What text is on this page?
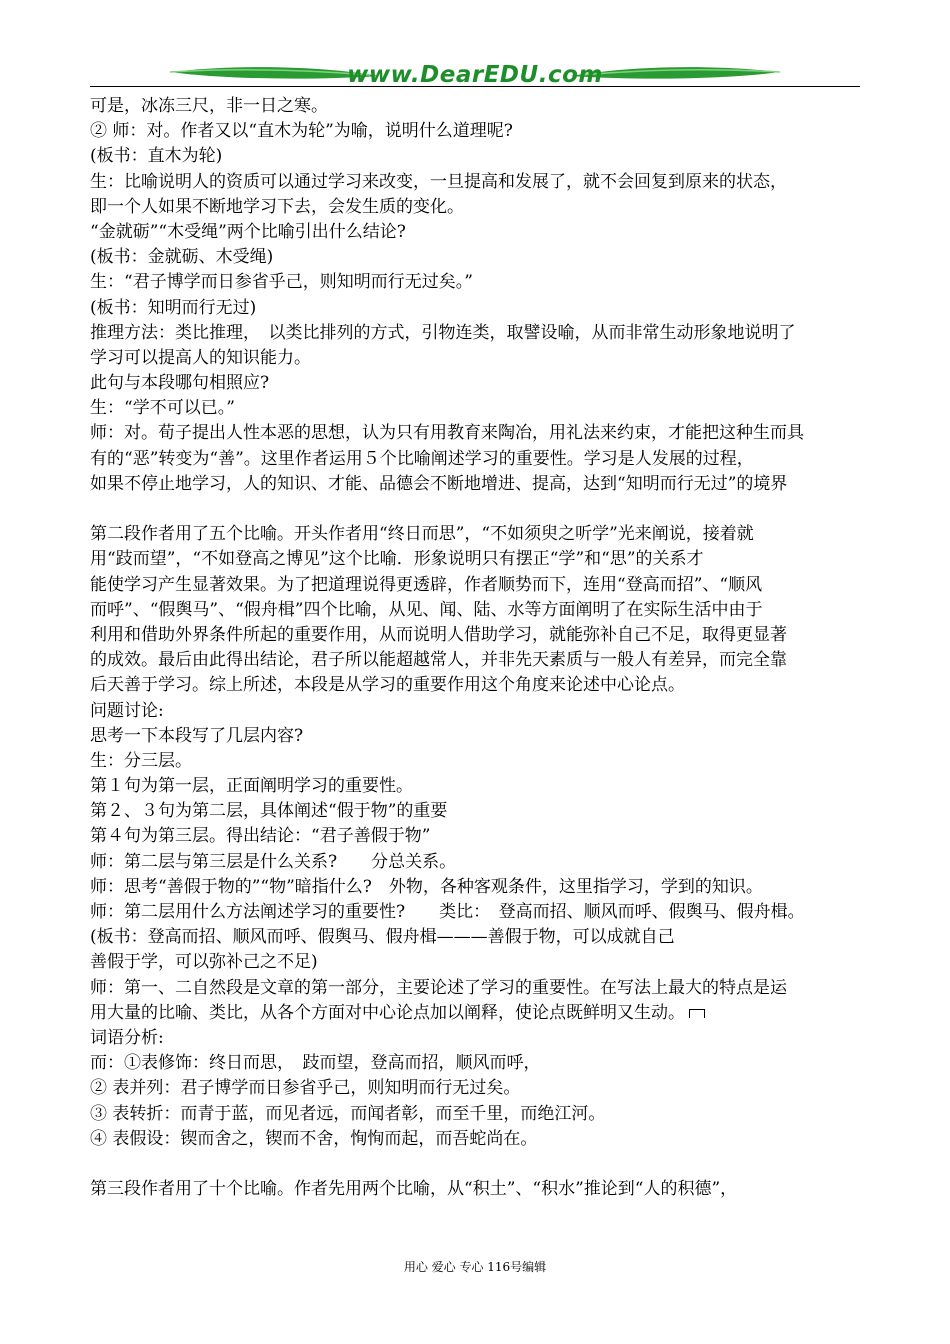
www.DearEDU.com
可是，冰冻三尺，非一日之寒。
② 师：对。作者又以“直木为轮”为喻，说明什么道理呢?
(板书：直木为轮)
生：比喻说明人的资质可以通过学习来改变，一旦提高和发展了，就不会回复到原来的状态，
即一个人如果不断地学习下去，会发生质的变化。
“金就砺”“木受绳”两个比喻引出什么结论?
(板书：金就砺、木受绳)
生：“君子博学而日参省乎己，则知明而行无过矣。”
(板书：知明而行无过)
推理方法：类比推理，　以类比排列的方式，引物连类，取譬设喻，从而非常生动形象地说明了
学习可以提高人的知识能力。
此句与本段哪句相照应?
生：“学不可以已。”
师：对。荀子提出人性本恶的思想，认为只有用教育来陶冶，用礼法来约束，才能把这种生而具
有的“恶”转变为“善”。这里作者运用５个比喻阐述学习的重要性。学习是人发展的过程，
如果不停止地学习，人的知识、才能、品德会不断地增进、提高，达到“知明而行无过”的境界
第二段作者用了五个比喻。开头作者用“终日而思”，“不如须臾之听学”光来阐说，接着就
用“跂而望”，“不如登高之博见”这个比喻．形象说明只有摆正“学”和“思”的关系才
能使学习产生显著效果。为了把道理说得更透辟，作者顺势而下，连用“登高而招”、“顺风
而呼”、“假舆马”、“假舟楫”四个比喻，从见、闻、陆、水等方面阐明了在实际生活中由于
利用和借助外界条件所起的重要作用，从而说明人借助学习，就能弥补自己不足，取得更显著
的成效。最后由此得出结论，君子所以能超越常人，并非先天素质与一般人有差异，而完全靠
后天善于学习。综上所述，本段是从学习的重要作用这个角度来论述中心论点。
问题讨论:
思考一下本段写了几层内容?
生：分三层。
第１句为第一层，正面阐明学习的重要性。
第２、３句为第二层，具体阐述“假于物”的重要
第４句为第三层。得出结论：“君子善假于物”
师：第二层与第三层是什么关系?　　分总关系。
师：思考“善假于物的”“物”暗指什么?　外物，各种客观条件，这里指学习，学到的知识。
师：第二层用什么方法阐述学习的重要性?　　类比：　登高而招、顺风而呼、假舆马、假舟楫。
(板书：登高而招、顺风而呼、假舆马、假舟楫———善假于物，可以成就自己
善假于学，可以弥补己之不足)
师：第一、二自然段是文章的第一部分，主要论述了学习的重要性。在写法上最大的特点是运
用大量的比喻、类比，从各个方面对中心论点加以阐释，使论点既鲜明又生动。
词语分析:
而：①表修饰：终日而思，　跂而望，登高而招，顺风而呼，
② 表并列：君子博学而日参省乎己，则知明而行无过矣。
③ 表转折：而青于蓝，而见者远，而闻者彰，而至千里，而绝江河。
④ 表假设：锲而舍之，锲而不舍，恂恂而起，而吾蛇尚在。
第三段作者用了十个比喻。作者先用两个比喻，从“积土”、“积水”推论到“人的积德”，
用心 爱心 专心 116号编辑
